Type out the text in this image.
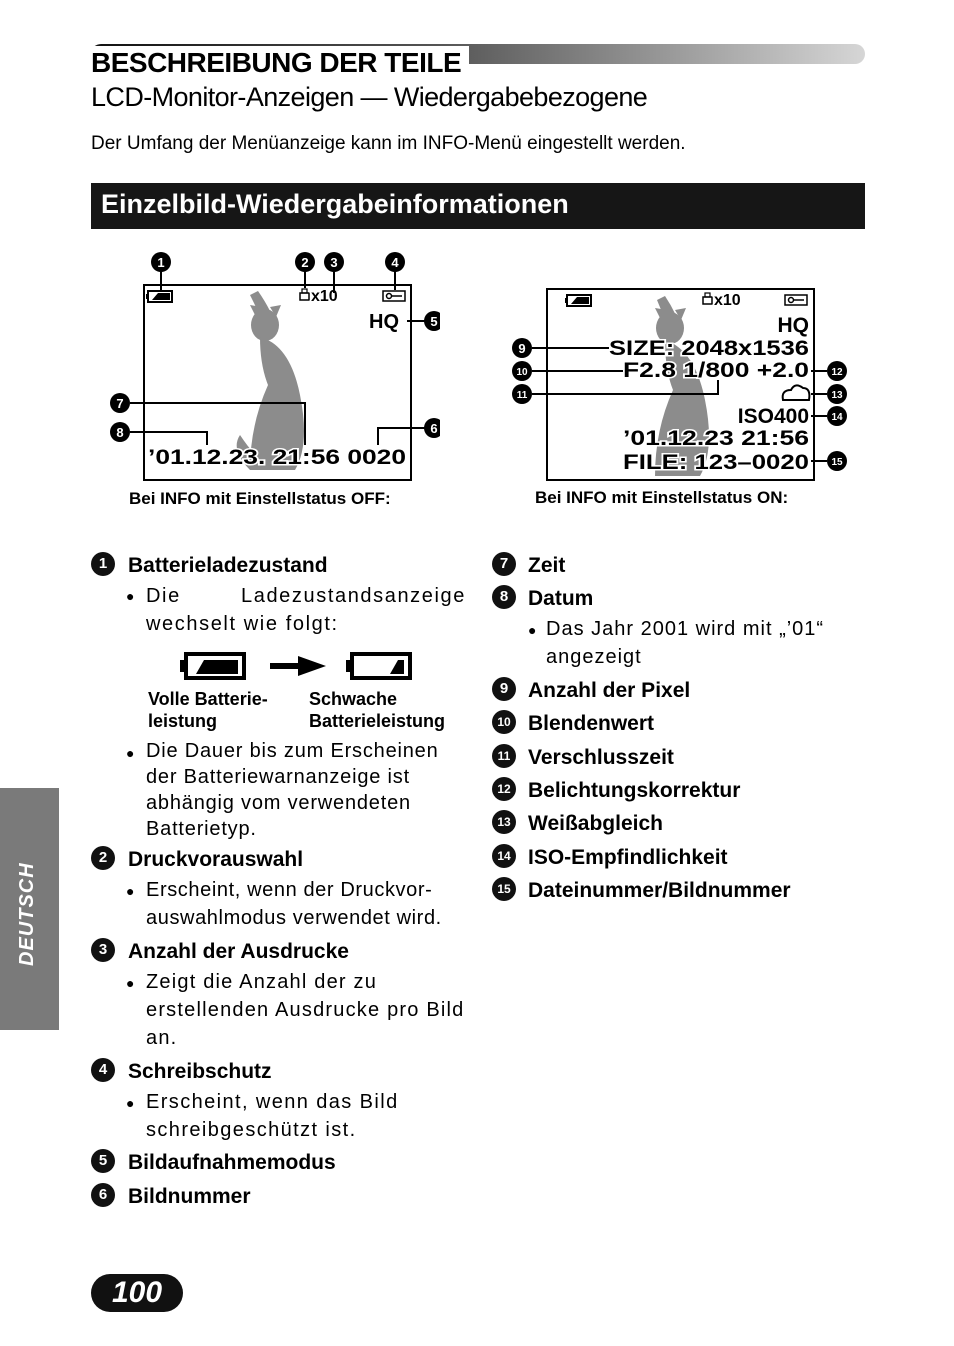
BESCHREIBUNG DER TEILE
LCD-Monitor-Anzeigen — Wiedergabebezogene
Der Umfang der Menüanzeige kann im INFO-Menü eingestellt werden.
Einzelbild-Wiedergabeinformationen
x10
HQ
’01.12.23. 21:56 0020
1	2 3	4
5
6
7
8
Bei INFO mit Einstellstatus OFF:
x10
HQ
SIZE: 2048x1536
F2.8 1/800 +2.0
ISO400
’01.12.23 21:56
FILE: 123–0020
9
10
11
12
13
14
15
Bei INFO mit Einstellstatus ON:
1 Batterieladezustand
● Die Ladezustandsanzeige wechselt wie folgt:
Volle Batterie-leistung
Schwache Batterieleistung
● Die Dauer bis zum Erscheinen der Batteriewarnanzeige ist abhängig vom verwendeten Batterietyp.
2 Druckvorauswahl
● Erscheint, wenn der Druckvor-auswahlmodus verwendet wird.
3 Anzahl der Ausdrucke
● Zeigt die Anzahl der zu erstellenden Ausdrucke pro Bild an.
4 Schreibschutz
● Erscheint, wenn das Bild schreibgeschützt ist.
5 Bildaufnahmemodus
6 Bildnummer
7 Zeit
8 Datum
● Das Jahr 2001 wird mit „’01“ angezeigt
9 Anzahl der Pixel
10 Blendenwert
11 Verschlusszeit
12 Belichtungskorrektur
13 Weißabgleich
14 ISO-Empfindlichkeit
15 Dateinummer/Bildnummer
DEUTSCH
100
